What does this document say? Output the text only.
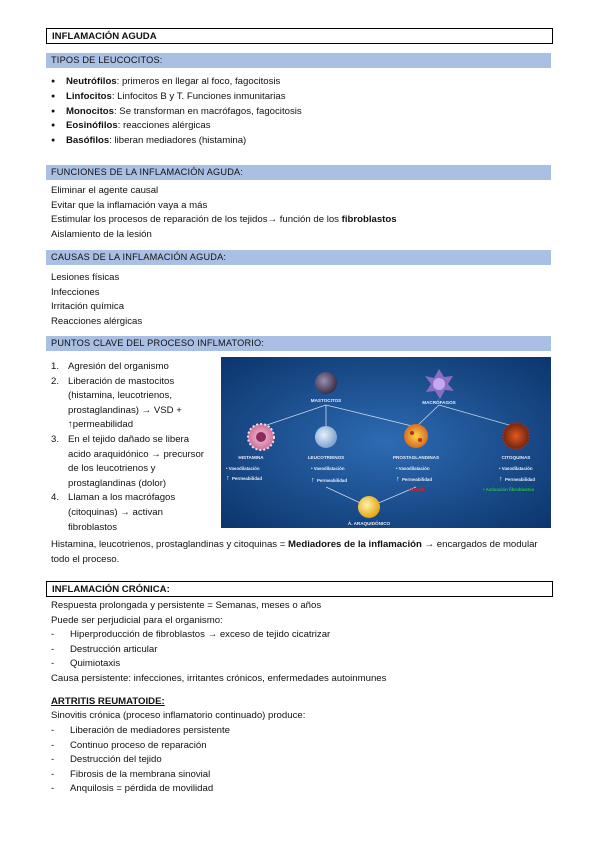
INFLAMACIÓN AGUDA
TIPOS DE LEUCOCITOS:
● Neutrófilos: primeros en llegar al foco, fagocitosis
● Linfocitos: Linfocitos B y T. Funciones inmunitarias
● Monocitos: Se transforman en macrófagos, fagocitosis
● Eosinófilos: reacciones alérgicas
● Basófilos: liberan mediadores (histamina)
FUNCIONES DE LA INFLAMACIÓN AGUDA:
Eliminar el agente causal
Evitar que la inflamación vaya a más
Estimular los procesos de reparación de los tejidos→ función de los fibroblastos
Aislamiento de la lesión
CAUSAS DE LA INFLAMACIÓN AGUDA:
Lesiones físicas
Infecciones
Irritación química
Reacciones alérgicas
PUNTOS CLAVE DEL PROCESO INFLMATORIO:
1. Agresión del organismo
2. Liberación de mastocitos (histamina, leucotrienos, prostaglandinas) → VSD + ↑permeabilidad
3. En el tejido dañado se libera acido araquidónico → precursor de los leucotrienos y prostaglandinas (dolor)
4. Llaman a los macrófagos (citoquinas) → activan fibroblastos
MASTOCITOS	MACRÓFAGOS
HISTAMINA	LEUCOTRIENOS	PROSTAGLANDINAS	CITOQUINAS
Á. ARAQUIDÓNICO
• Vasodilatación	• Vasodilatación	• Vasodilatación	• Vasodilatación
↑ Permeabilidad	↑ Permeabilidad	↑ Permeabilidad	↑ Permeabilidad
DOLOR	• Activación fibroblastos
Histamina, leucotrienos, prostaglandinas y citoquinas = Mediadores de la inflamación → encargados de modular todo el proceso.
INFLAMACIÓN CRÓNICA:
Respuesta prolongada y persistente = Semanas, meses o años
Puede ser perjudicial para el organismo:
- Hiperproducción de fibroblastos → exceso de tejido cicatrizar
- Destrucción articular
- Quimiotaxis
Causa persistente: infecciones, irritantes crónicos, enfermedades autoinmunes
ARTRITIS REUMATOIDE:
Sinovitis crónica (proceso inflamatorio continuado) produce:
- Liberación de mediadores persistente
- Continuo proceso de reparación
- Destrucción del tejido
- Fibrosis de la membrana sinovial
- Anquilosis = pérdida de movilidad
